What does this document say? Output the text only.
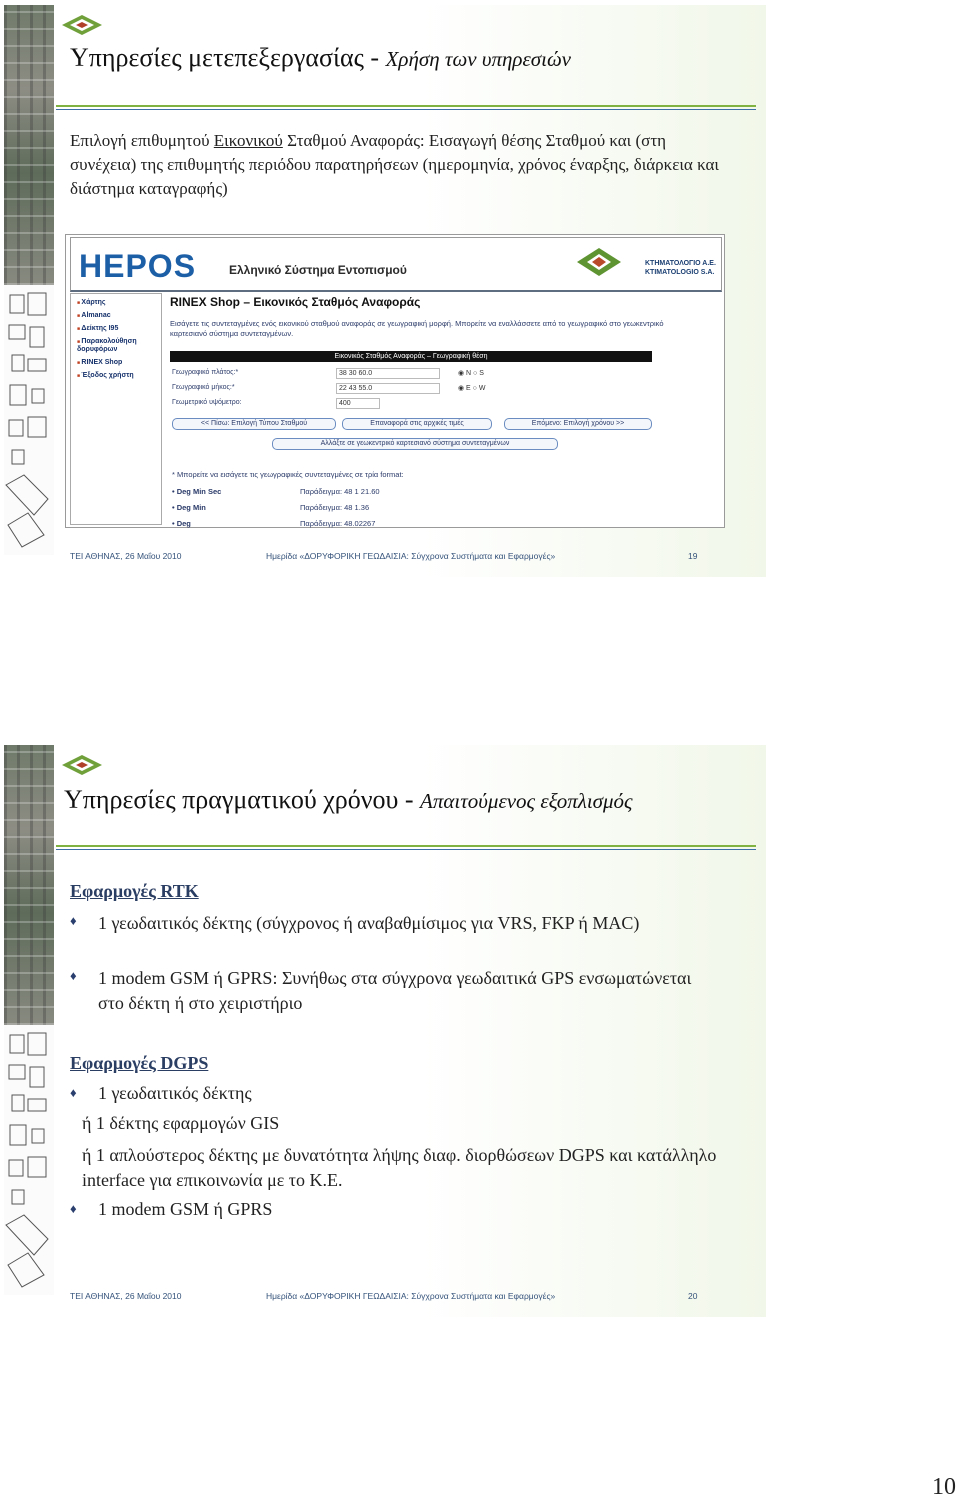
Υπηρεσίες μετεπεξεργασίας - Χρήση των υπηρεσιών
Επιλογή επιθυμητού Εικονικού Σταθμού Αναφοράς: Εισαγωγή θέσης Σταθμού και (στη συνέχεια) της επιθυμητής περιόδου παρατηρήσεων (ημερομηνία, χρόνος έναρξης, διάρκεια και διάστημα καταγραφής)
HEPOS	Ελληνικό Σύστημα Εντοπισμού	ΚΤΗΜΑΤΟΛΟΓΙΟ Α.Ε.
KTIMATOLOGIO S.A.
■ Χάρτης
■ Almanac
■ Δείκτης Ι95
■ Παρακολούθηση δορυφόρων
■ RINEX Shop
■ Έξοδος χρήστη
RINEX Shop – Εικονικός Σταθμός Αναφοράς
Εισάγετε τις συντεταγμένες ενός εικονικού σταθμού αναφοράς σε γεωγραφική μορφή. Μπορείτε να εναλλάσσετε από το γεωγραφικό στο γεωκεντρικό καρτεσιανό σύστημα συντεταγμένων.
Εικονικός Σταθμός Αναφοράς – Γεωγραφική θέση
Γεωγραφικό πλάτος:*	38 30 60.0	◉ N ○ S
Γεωγραφικό μήκος:*	22 43 55.0	◉ E ○ W
Γεωμετρικό υψόμετρο:	400
<< Πίσω: Επιλογή Τύπου Σταθμού	Επαναφορά στις αρχικές τιμές	Επόμενο: Επιλογή χρόνου >>
Αλλάξτε σε γεωκεντρικό καρτεσιανό σύστημα συντεταγμένων
* Μπορείτε να εισάγετε τις γεωγραφικές συντεταγμένες σε τρία format:
• Deg Min Sec	Παράδειγμα: 48 1 21.60
• Deg Min	Παράδειγμα: 48 1.36
• Deg	Παράδειγμα: 48.02267
ΤΕΙ ΑΘΗΝΑΣ, 26 Μαΐου 2010	Ημερίδα «ΔΟΡΥΦΟΡΙΚΗ ΓΕΩΔΑΙΣΙΑ: Σύγχρονα Συστήματα και Εφαρμογές»	19
Υπηρεσίες πραγματικού χρόνου - Απαιτούμενος εξοπλισμός
Εφαρμογές RTK
♦ 1 γεωδαιτικός δέκτης (σύγχρονος ή αναβαθμίσιμος για VRS, FKP ή MAC)
♦ 1 modem GSM ή GPRS: Συνήθως στα σύγχρονα γεωδαιτικά GPS ενσωματώνεται στο δέκτη ή στο χειριστήριο
Εφαρμογές DGPS
♦ 1 γεωδαιτικός δέκτης
ή 1 δέκτης εφαρμογών GIS
ή 1 απλούστερος δέκτης με δυνατότητα λήψης διαφ. διορθώσεων DGPS και κατάλληλο interface για επικοινωνία με το Κ.Ε.
♦ 1 modem GSM ή GPRS
ΤΕΙ ΑΘΗΝΑΣ, 26 Μαΐου 2010	Ημερίδα «ΔΟΡΥΦΟΡΙΚΗ ΓΕΩΔΑΙΣΙΑ: Σύγχρονα Συστήματα και Εφαρμογές»	20
10
